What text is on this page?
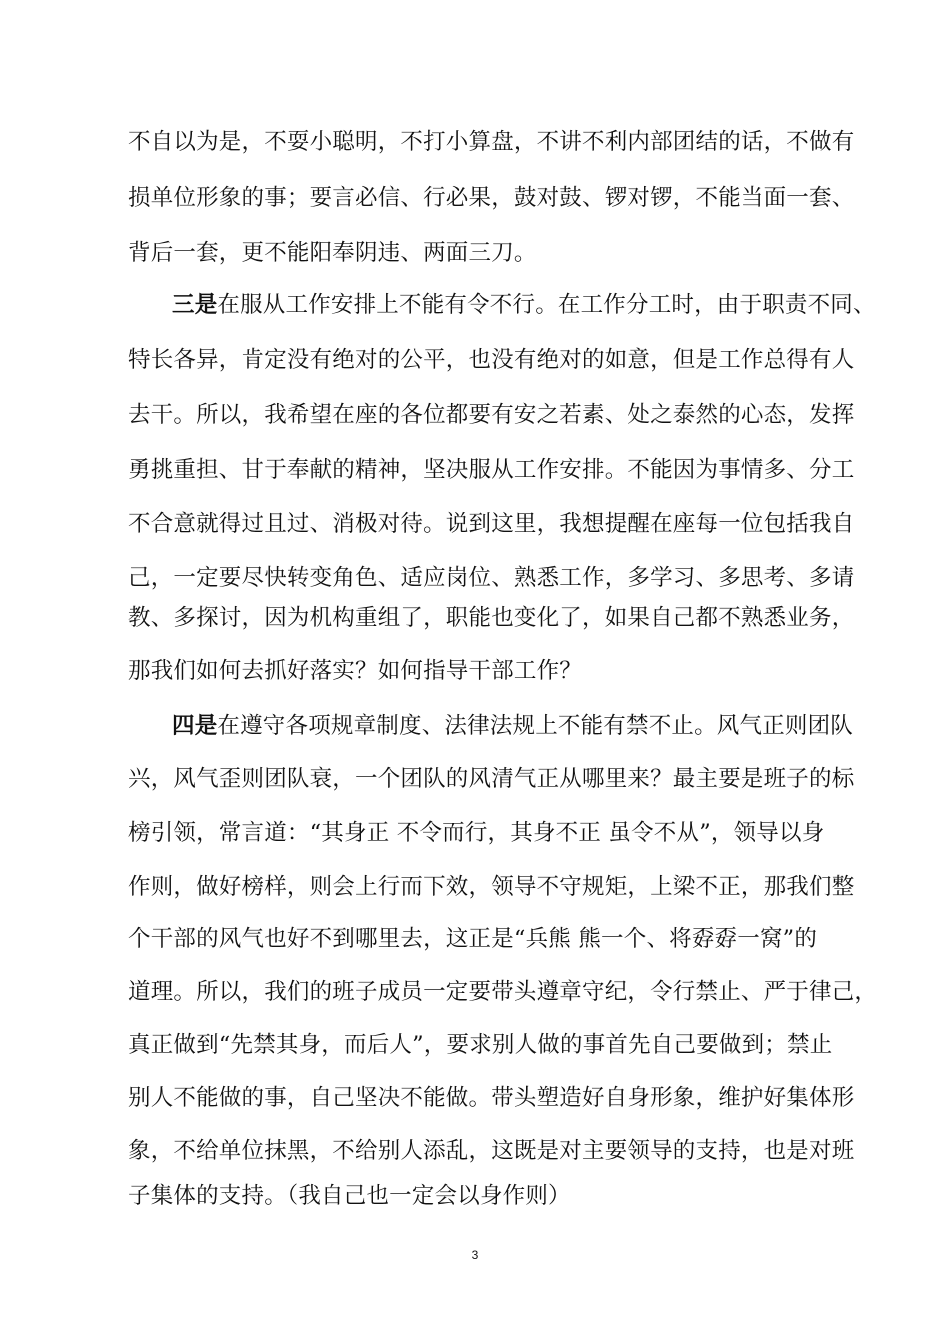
不自以为是，不耍小聪明，不打小算盘，不讲不利内部团结的话，不做有
损单位形象的事；要言必信、行必果，鼓对鼓、锣对锣，不能当面一套、
背后一套，更不能阳奉阴违、两面三刀。
三是在服从工作安排上不能有令不行。在工作分工时，由于职责不同、
特长各异，肯定没有绝对的公平，也没有绝对的如意，但是工作总得有人
去干。所以，我希望在座的各位都要有安之若素、处之泰然的心态，发挥
勇挑重担、甘于奉献的精神，坚决服从工作安排。不能因为事情多、分工
不合意就得过且过、消极对待。说到这里，我想提醒在座每一位包括我自
己，一定要尽快转变角色、适应岗位、熟悉工作，多学习、多思考、多请
教、多探讨，因为机构重组了，职能也变化了，如果自己都不熟悉业务，
那我们如何去抓好落实？如何指导干部工作？
四是在遵守各项规章制度、法律法规上不能有禁不止。风气正则团队
兴，风气歪则团队衰，一个团队的风清气正从哪里来？最主要是班子的标
榜引领，常言道：“其身正 不令而行，其身不正 虽令不从”，领导以身
作则，做好榜样，则会上行而下效，领导不守规矩，上梁不正，那我们整
个干部的风气也好不到哪里去，这正是“兵熊 熊一个、将孬孬一窝”的
道理。所以，我们的班子成员一定要带头遵章守纪，令行禁止、严于律己，
真正做到“先禁其身，而后人”，要求别人做的事首先自己要做到；禁止
别人不能做的事，自己坚决不能做。带头塑造好自身形象，维护好集体形
象，不给单位抹黑，不给别人添乱，这既是对主要领导的支持，也是对班
子集体的支持。（我自己也一定会以身作则）
3
